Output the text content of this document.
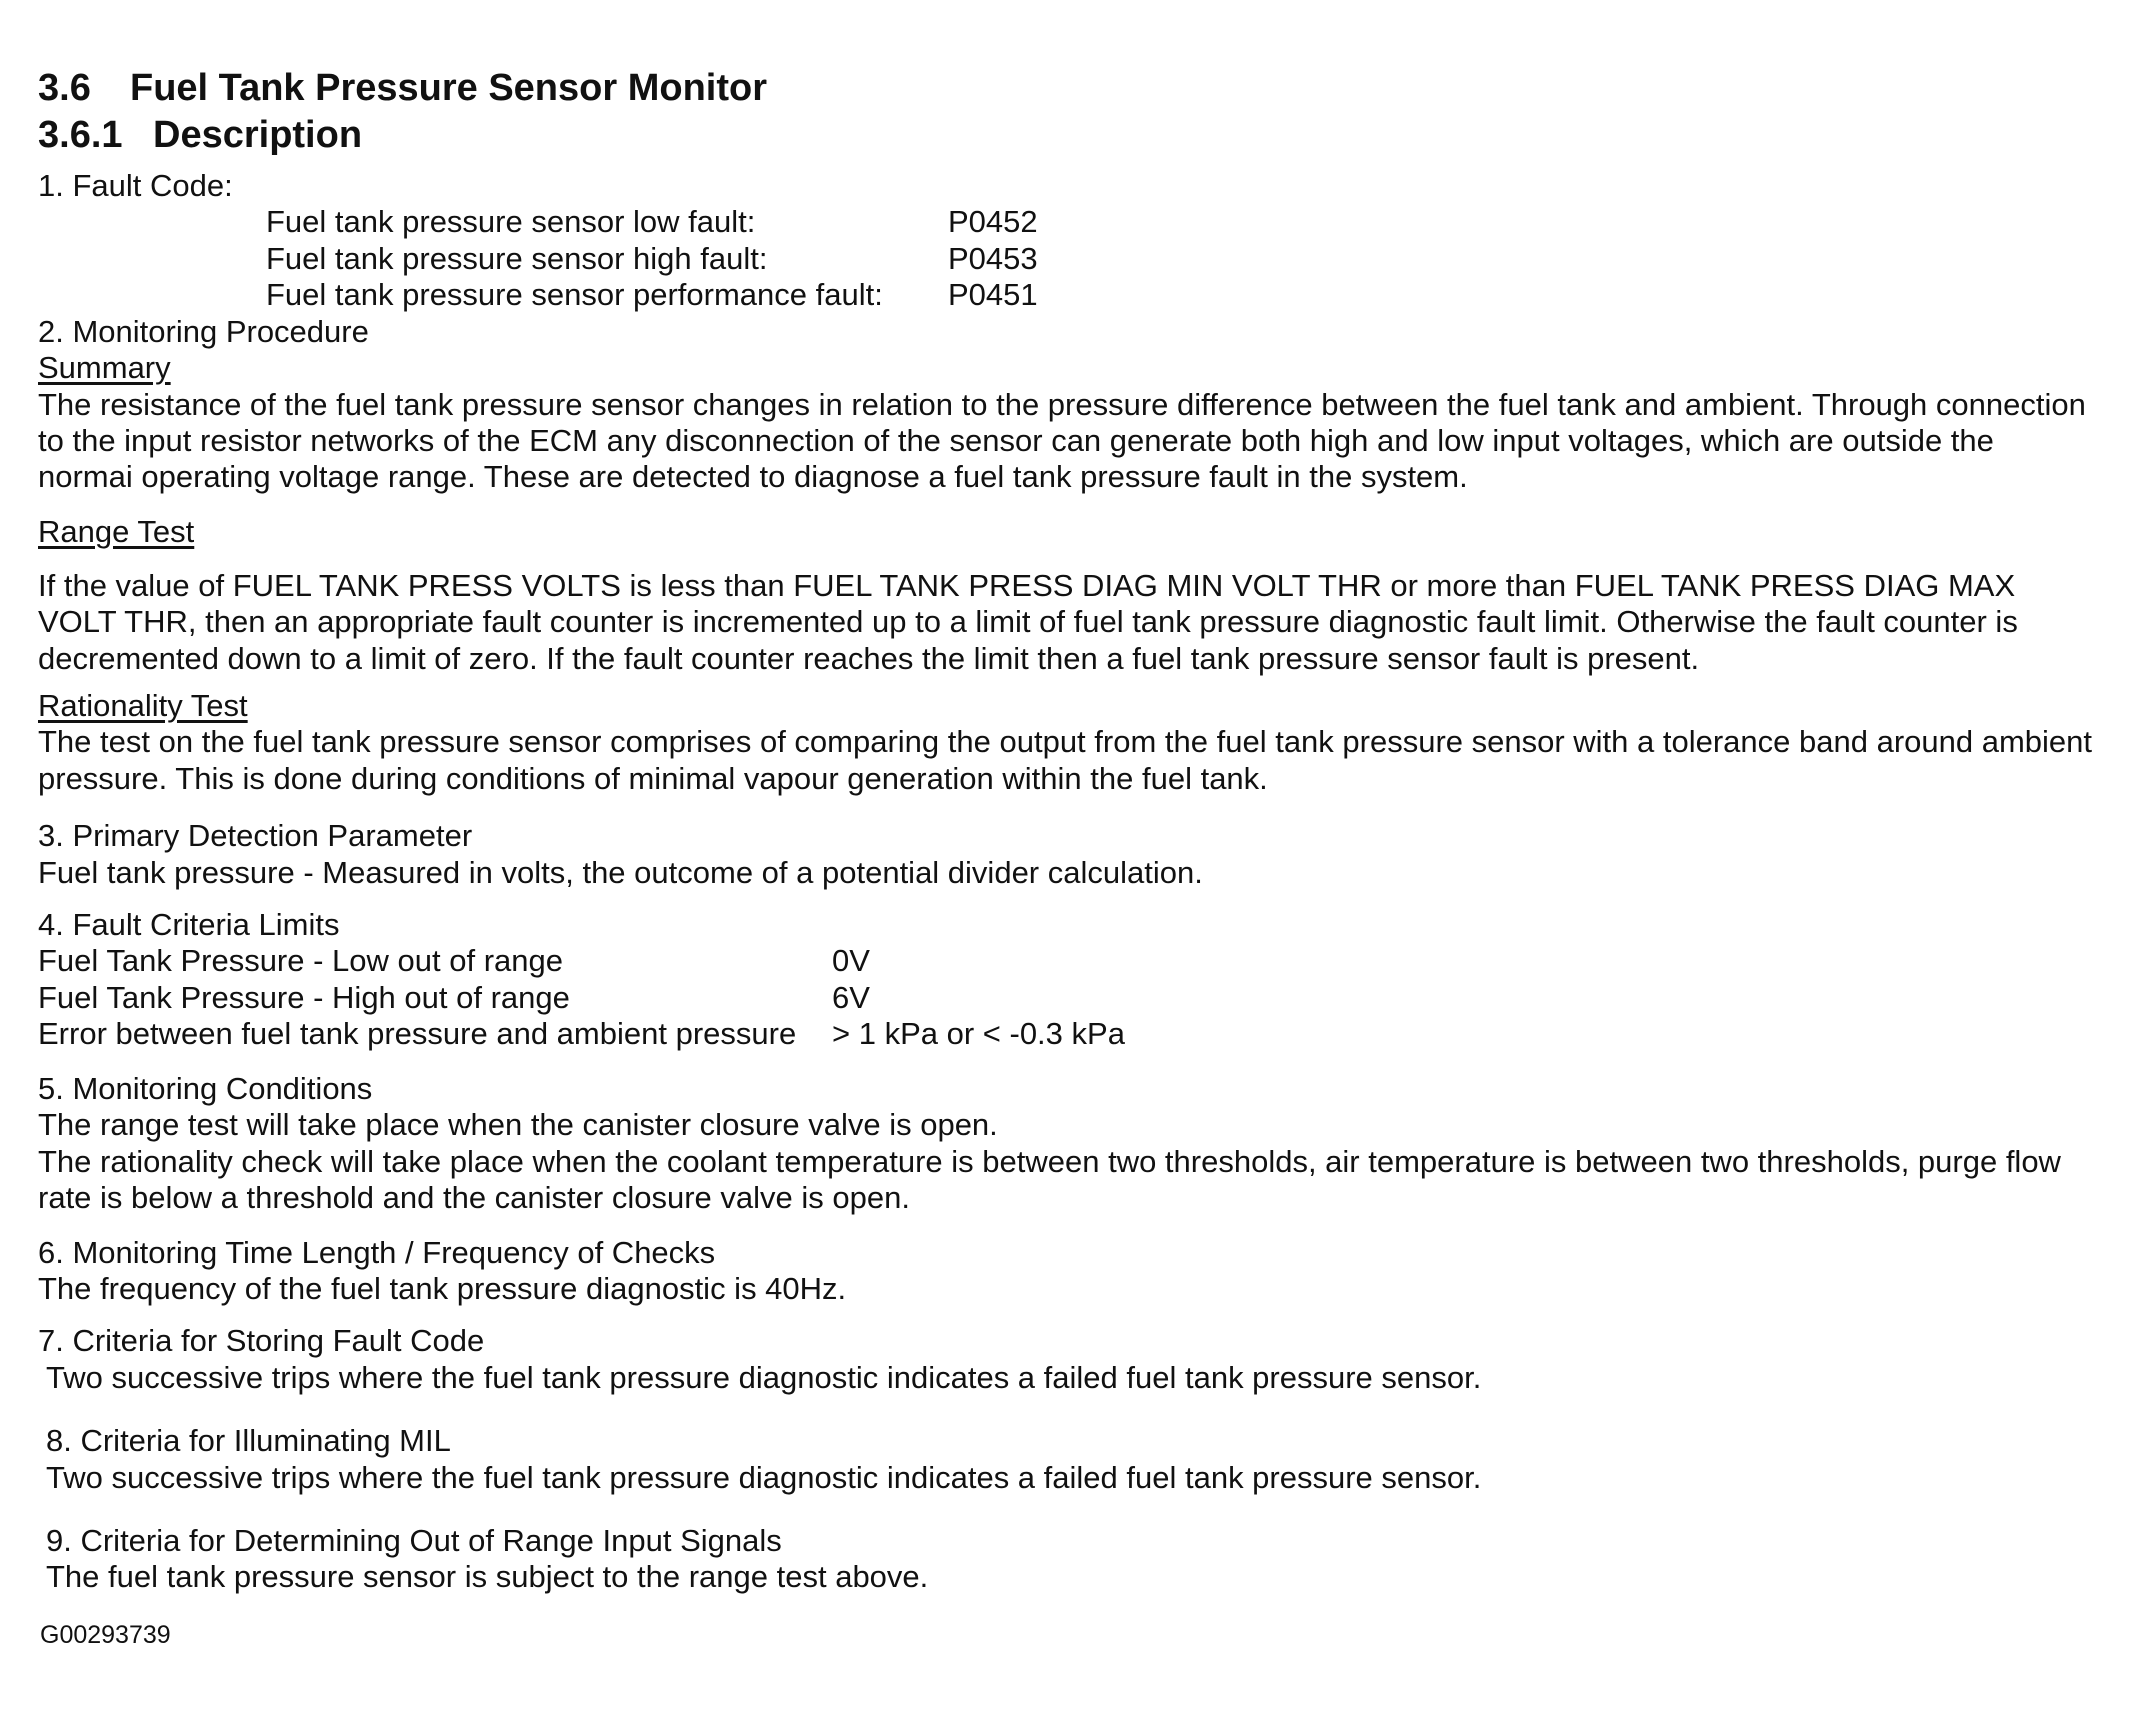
3.6 Fuel Tank Pressure Sensor Monitor
3.6.1 Description
1. Fault Code:
Fuel tank pressure sensor low fault:	P0452
Fuel tank pressure sensor high fault:	P0453
Fuel tank pressure sensor performance fault: P0451
2. Monitoring Procedure
Summary
The resistance of the fuel tank pressure sensor changes in relation to the pressure difference between the fuel tank and ambient. Through connection
to the input resistor networks of the ECM any disconnection of the sensor can generate both high and low input voltages, which are outside the
normai operating voltage range. These are detected to diagnose a fuel tank pressure fault in the system.
Range Test
If the value of FUEL TANK PRESS VOLTS is less than FUEL TANK PRESS DIAG MIN VOLT THR or more than FUEL TANK PRESS DIAG MAX
VOLT THR, then an appropriate fault counter is incremented up to a limit of fuel tank pressure diagnostic fault limit. Otherwise the fault counter is
decremented down to a limit of zero. If the fault counter reaches the limit then a fuel tank pressure sensor fault is present.
Rationality Test
The test on the fuel tank pressure sensor comprises of comparing the output from the fuel tank pressure sensor with a tolerance band around ambient
pressure. This is done during conditions of minimal vapour generation within the fuel tank.
3. Primary Detection Parameter
Fuel tank pressure - Measured in volts, the outcome of a potential divider calculation.
4. Fault Criteria Limits
Fuel Tank Pressure - Low out of range	0V
Fuel Tank Pressure - High out of range	6V
Error between fuel tank pressure and ambient pressure > 1 kPa or < -0.3 kPa
5. Monitoring Conditions
The range test will take place when the canister closure valve is open.
The rationality check will take place when the coolant temperature is between two thresholds, air temperature is between two thresholds, purge flow
rate is below a threshold and the canister closure valve is open.
6. Monitoring Time Length / Frequency of Checks
The frequency of the fuel tank pressure diagnostic is 40Hz.
7. Criteria for Storing Fault Code
Two successive trips where the fuel tank pressure diagnostic indicates a failed fuel tank pressure sensor.
8. Criteria for Illuminating MIL
Two successive trips where the fuel tank pressure diagnostic indicates a failed fuel tank pressure sensor.
9. Criteria for Determining Out of Range Input Signals
The fuel tank pressure sensor is subject to the range test above.
G00293739
